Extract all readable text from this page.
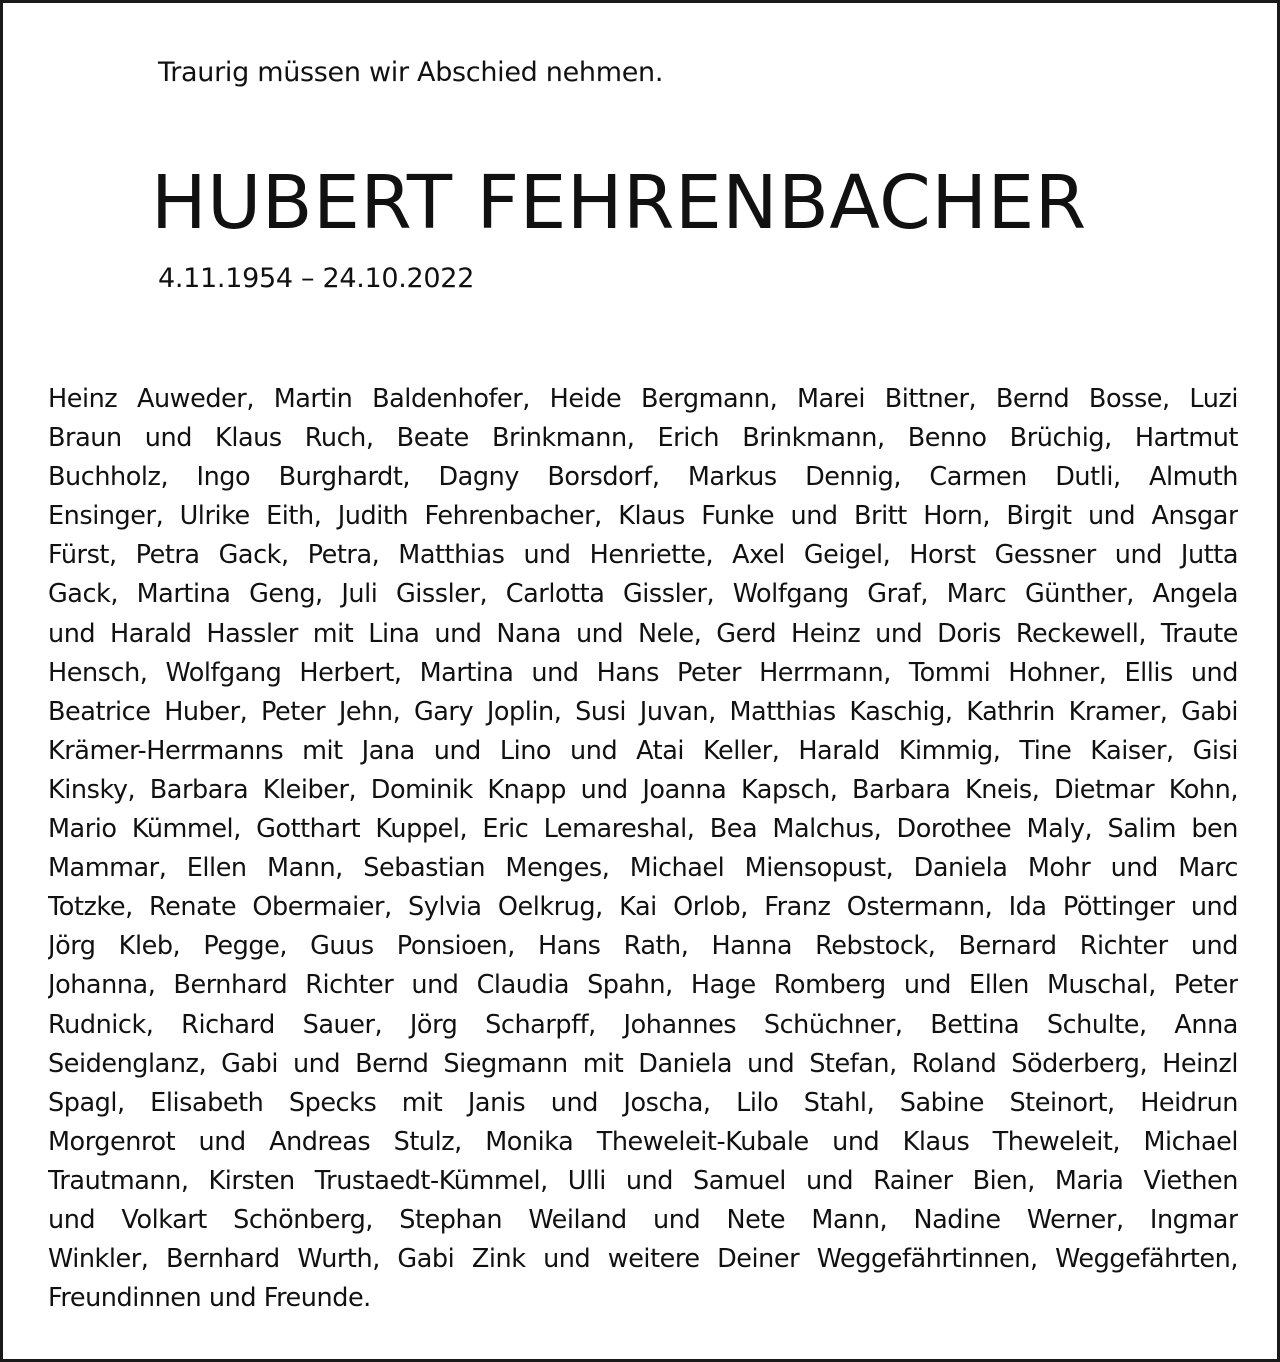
Traurig müssen wir Abschied nehmen.
HUBERT FEHRENBACHER
4.11.1954 – 24.10.2022
Heinz Auweder, Martin Baldenhofer, Heide Bergmann, Marei Bittner, Bernd Bosse, Luzi
Braun und Klaus Ruch, Beate Brinkmann, Erich Brinkmann, Benno Brüchig, Hartmut
Buchholz, Ingo Burghardt, Dagny Borsdorf, Markus Dennig, Carmen Dutli, Almuth
Ensinger, Ulrike Eith, Judith Fehrenbacher, Klaus Funke und Britt Horn, Birgit und Ansgar
Fürst, Petra Gack, Petra, Matthias und Henriette, Axel Geigel, Horst Gessner und Jutta
Gack, Martina Geng, Juli Gissler, Carlotta Gissler, Wolfgang Graf, Marc Günther, Angela
und Harald Hassler mit Lina und Nana und Nele, Gerd Heinz und Doris Reckewell, Traute
Hensch, Wolfgang Herbert, Martina und Hans Peter Herrmann, Tommi Hohner, Ellis und
Beatrice Huber, Peter Jehn, Gary Joplin, Susi Juvan, Matthias Kaschig, Kathrin Kramer, Gabi
Krämer-Herrmanns mit Jana und Lino und Atai Keller, Harald Kimmig, Tine Kaiser, Gisi
Kinsky, Barbara Kleiber, Dominik Knapp und Joanna Kapsch, Barbara Kneis, Dietmar Kohn,
Mario Kümmel, Gotthart Kuppel, Eric Lemareshal, Bea Malchus, Dorothee Maly, Salim ben
Mammar, Ellen Mann, Sebastian Menges, Michael Miensopust, Daniela Mohr und Marc
Totzke, Renate Obermaier, Sylvia Oelkrug, Kai Orlob, Franz Ostermann, Ida Pöttinger und
Jörg Kleb, Pegge, Guus Ponsioen, Hans Rath, Hanna Rebstock, Bernard Richter und
Johanna, Bernhard Richter und Claudia Spahn, Hage Romberg und Ellen Muschal, Peter
Rudnick, Richard Sauer, Jörg Scharpff, Johannes Schüchner, Bettina Schulte, Anna
Seidenglanz, Gabi und Bernd Siegmann mit Daniela und Stefan, Roland Söderberg, Heinzl
Spagl, Elisabeth Specks mit Janis und Joscha, Lilo Stahl, Sabine Steinort, Heidrun
Morgenrot und Andreas Stulz, Monika Theweleit-Kubale und Klaus Theweleit, Michael
Trautmann, Kirsten Trustaedt-Kümmel, Ulli und Samuel und Rainer Bien, Maria Viethen
und Volkart Schönberg, Stephan Weiland und Nete Mann, Nadine Werner, Ingmar
Winkler, Bernhard Wurth, Gabi Zink und weitere Deiner Weggefährtinnen, Weggefährten,
Freundinnen und Freunde.
